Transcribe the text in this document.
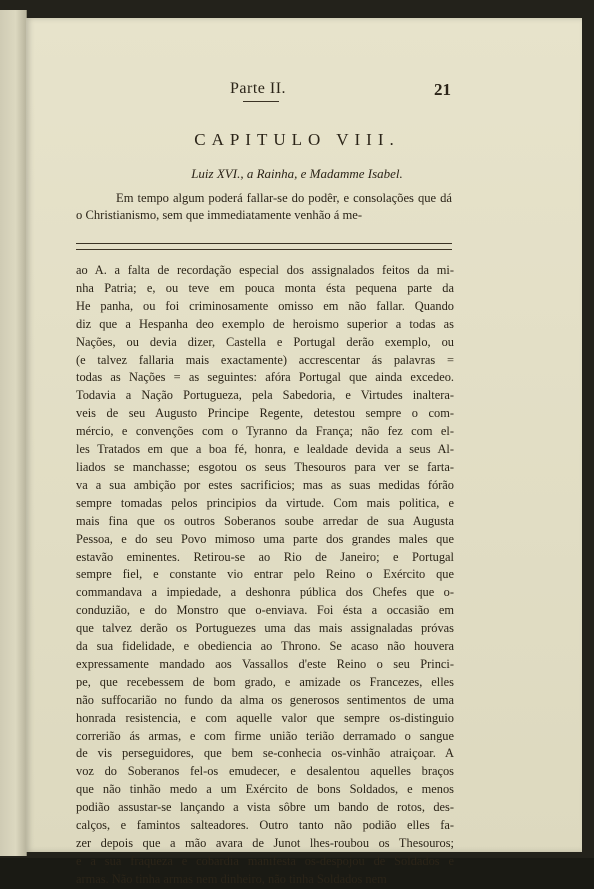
Parte II.	21
CAPITULO VIII.
Luiz XVI., a Rainha, e Madamme Isabel.

Em tempo algum poderá fallar-se do podêr, e consolações que dá o Christianismo, sem que immediatamente venhão á me-

ao A. a falta de recordação especial dos assignalados feitos da mi-
nha Patria; e, ou teve em pouca monta ésta pequena parte da
He panha, ou foi criminosamente omisso em não fallar. Quando
diz que a Hespanha deo exemplo de heroismo superior a todas as
Nações, ou devia dizer, Castella e Portugal derão exemplo, ou
(e talvez fallaria mais exactamente) accrescentar ás palavras =
todas as Nações = as seguintes: afóra Portugal que ainda excedeo.
Todavia a Nação Portugueza, pela Sabedoria, e Virtudes inaltera-
veis de seu Augusto Principe Regente, detestou sempre o com-
mércio, e convenções com o Tyranno da França; não fez com el-
les Tratados em que a boa fé, honra, e lealdade devida a seus Al-
liados se manchasse; esgotou os seus Thesouros para ver se farta-
va a sua ambição por estes sacrificios; mas as suas medidas fórão
sempre tomadas pelos principios da virtude. Com mais politica, e
mais fina que os outros Soberanos soube arredar de sua Augusta
Pessoa, e do seu Povo mimoso uma parte dos grandes males que
estavão eminentes. Retirou-se ao Rio de Janeiro; e Portugal
sempre fiel, e constante vio entrar pelo Reino o Exército que
commandava a impiedade, a deshonra pública dos Chefes que o-
conduzião, e do Monstro que o-enviava. Foi ésta a occasião em
que talvez derão os Portuguezes uma das mais assignaladas próvas
da sua fidelidade, e obediencia ao Throno. Se acaso não houvera
expressamente mandado aos Vassallos d'este Reino o seu Princi-
pe, que recebessem de bom grado, e amizade os Francezes, elles
não suffocarião no fundo da alma os generosos sentimentos de uma
honrada resistencia, e com aquelle valor que sempre os-distinguio
correrião ás armas, e com firme união terião derramado o sangue
de vis perseguidores, que bem se-conhecia os-vinhão atraiçoar. A
voz do Soberanos fel-os emudecer, e desalentou aquelles braços
que não tinhão medo a um Exército de bons Soldados, e menos
podião assustar-se lançando a vista sôbre um bando de rotos, des-
calços, e famintos salteadores. Outro tanto não podião elles fa-
zer depois que a mão avara de Junot lhes-roubou os Thesouros;
e a sua fraqueza e cobardia manifesta os-despojou de Soldados e
armas. Não tinha armas nem dinheiro, não tinha Soldados nem
